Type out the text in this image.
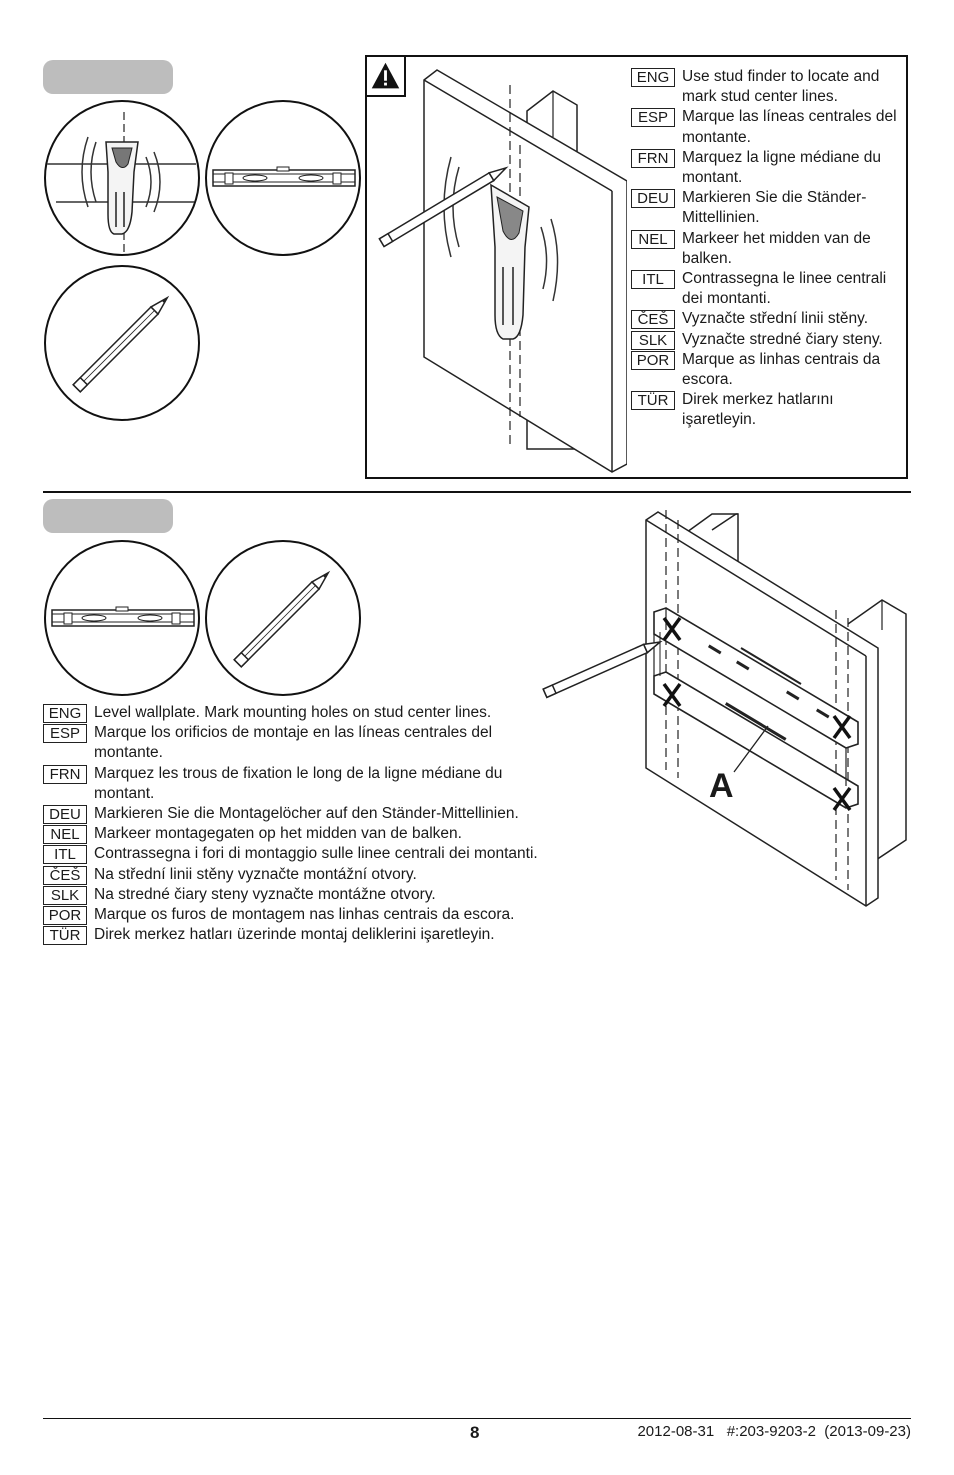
ENG Use stud finder to locate and mark stud center lines.
ESP Marque las líneas centrales del montante.
FRN Marquez la ligne médiane du montant.
DEU Markieren Sie die Ständer-Mittellinien.
NEL Markeer het midden van de balken.
ITL	Contrassegna le linee centrali dei montanti.
ČEŠ Vyznačte střední linii stěny.
SLK Vyznačte stredné čiary steny.
POR Marque as linhas centrais da escora.
TÜR Direk merkez hatlarını işaretleyin.
A
ENG Level wallplate. Mark mounting holes on stud center lines.
ESP Marque los orificios de montaje en las líneas centrales del montante.
FRN Marquez les trous de fixation le long de la ligne médiane du montant.
DEU Markieren Sie die Montagelöcher auf den Ständer-Mittellinien.
NEL Markeer montagegaten op het midden van de balken.
ITL	Contrassegna i fori di montaggio sulle linee centrali dei montanti.
ČEŠ Na střední linii stěny vyznačte montážní otvory.
SLK Na stredné čiary steny vyznačte montážne otvory.
POR Marque os furos de montagem nas linhas centrais da escora.
TÜR Direk merkez hatları üzerinde montaj deliklerini işaretleyin.
8	2012-08-31   #:203-9203-2  (2013-09-23)
